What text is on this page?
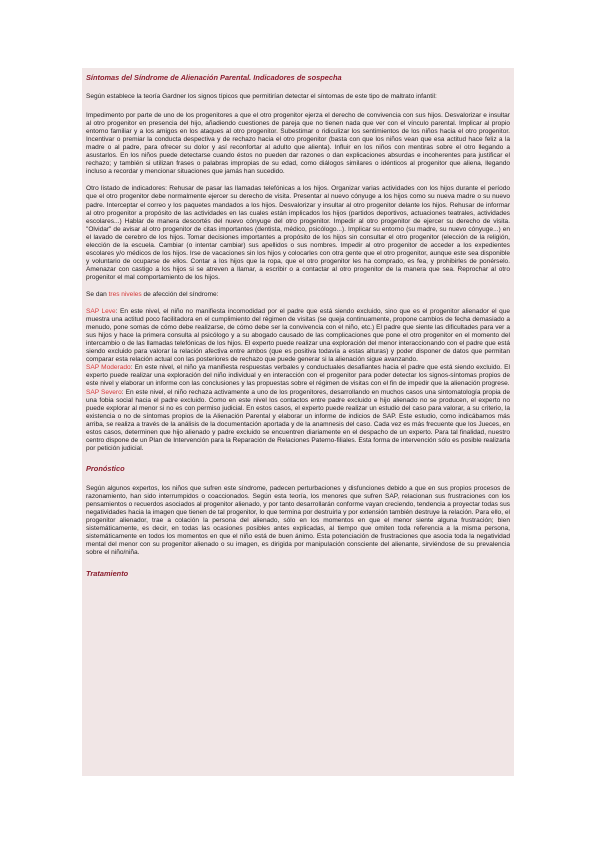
Síntomas del Síndrome de Alienación Parental. Indicadores de sospecha

Según establece la teoría Gardner los signos típicos que permitirían detectar el síntomas de este tipo de maltrato infantil:

Impedimento por parte de uno de los progenitores a que el otro progenitor ejerza el derecho de convivencia con sus hijos. Desvalorizar e insultar al otro progenitor en presencia del hijo, añadiendo cuestiones de pareja que no tienen nada que ver con el vínculo parental. Implicar al propio entorno familiar y a los amigos en los ataques al otro progenitor. Subestimar o ridiculizar los sentimientos de los niños hacia el otro progenitor. Incentivar o premiar la conducta despectiva y de rechazo hacia el otro progenitor (basta con que los niños vean que esa actitud hace feliz a la madre o al padre, para ofrecer su dolor y así reconfortar al adulto que alienta). Influir en los niños con mentiras sobre el otro llegando a asustarlos. En los niños puede detectarse cuando éstos no pueden dar razones o dan explicaciones absurdas e incoherentes para justificar el rechazo; y también si utilizan frases o palabras impropias de su edad, como diálogos similares o idénticos al progenitor que aliena, llegando incluso a recordar y mencionar situaciones que jamás han sucedido.

Otro listado de indicadores: Rehusar de pasar las llamadas telefónicas a los hijos. Organizar varias actividades con los hijos durante el período que el otro progenitor debe normalmente ejercer su derecho de visita. Presentar al nuevo cónyuge a los hijos como su nueva madre o su nuevo padre. Interceptar el correo y los paquetes mandados a los hijos. Desvalorizar y insultar al otro progenitor delante los hijos. Rehusar de informar al otro progenitor a propósito de las actividades en las cuales están implicados los hijos (partidos deportivos, actuaciones teatrales, actividades escolares...) Hablar de manera descortés del nuevo cónyuge del otro progenitor. Impedir al otro progenitor de ejercer su derecho de visita. "Olvidar" de avisar al otro progenitor de citas importantes (dentista, médico, psicólogo...). Implicar su entorno (su madre, su nuevo cónyuge...) en el lavado de cerebro de los hijos. Tomar decisiones importantes a propósito de los hijos sin consultar el otro progenitor (elección de la religión, elección de la escuela. Cambiar (o intentar cambiar) sus apellidos o sus nombres. Impedir al otro progenitor de acceder a los expedientes escolares y/o médicos de los hijos. Irse de vacaciones sin los hijos y colocarles con otra gente que el otro progenitor, aunque este sea disponible y voluntario de ocuparse de ellos. Contar a los hijos que la ropa, que el otro progenitor les ha comprado, es fea, y prohibirles de ponérselo. Amenazar con castigo a los hijos si se atreven a llamar, a escribir o a contactar al otro progenitor de la manera que sea. Reprochar al otro progenitor el mal comportamiento de los hijos.

Se dan tres niveles de afección del síndrome:

SAP Leve: En este nivel, el niño no manifiesta incomodidad por el padre que está siendo excluido, sino que es el progenitor alienador el que muestra una actitud poco facilitadora en el cumplimiento del régimen de visitas (se queja continuamente, propone cambios de fecha demasiado a menudo, pone somas de cómo debe realizarse, de cómo debe ser la convivencia con el niño, etc.) El padre que siente las dificultades para ver a sus hijos y hace la primera consulta al psicólogo y a su abogado causado de las complicaciones que pone el otro progenitor en el momento del intercambio o de las llamadas telefónicas de los hijos. El experto puede realizar una exploración del menor interaccionando con el padre que está siendo excluido para valorar la relación afectiva entre ambos (que es positiva todavía a estas alturas) y poder disponer de datos que permitan comparar esta relación actual con las posteriores de rechazo que puede generar si la alienación sigue avanzando.

SAP Moderado: En este nivel, el niño ya manifiesta respuestas verbales y conductuales desafiantes hacia el padre que está siendo excluido. El experto puede realizar una exploración del niño individual y en interacción con el progenitor para poder detectar los signos-síntomas propios de este nivel y elaborar un informe con las conclusiones y las propuestas sobre el régimen de visitas con el fin de impedir que la alienación progrese.

SAP Severo: En este nivel, el niño rechaza activamente a uno de los progenitores, desarrollando en muchos casos una sintomatología propia de una fobia social hacia el padre excluido. Como en este nivel los contactos entre padre excluido e hijo alienado no se producen, el experto no puede explorar al menor si no es con permiso judicial. En estos casos, el experto puede realizar un estudio del caso para valorar, a su criterio, la existencia o no de síntomas propios de la Alienación Parental y elaborar un informe de indicios de SAP. Este estudio, como indicábamos más arriba, se realiza a través de la análisis de la documentación aportada y de la anamnesis del caso. Cada vez es más frecuente que los Jueces, en estos casos, determinen que hijo alienado y padre excluido se encuentren diariamente en el despacho de un experto. Para tal finalidad, nuestro centro dispone de un Plan de Intervención para la Reparación de Relaciones Paterno-filiales. Esta forma de intervención sólo es posible realizarla por petición judicial.

Pronóstico

Según algunos expertos, los niños que sufren este síndrome, padecen perturbaciones y disfunciones debido a que en sus propios procesos de razonamiento, han sido interrumpidos o coaccionados. Según esta teoría, los menores que sufren SAP, relacionan sus frustraciones con los pensamientos o recuerdos asociados al progenitor alienado, y por tanto desarrollarán conforme vayan creciendo, tendencia a proyectar todas sus negatividades hacia la imagen que tienen de tal progenitor, lo que termina por destruirla y por extensión también destruye la relación. Para ello, el progenitor alienador, trae a colación la persona del alienado, sólo en los momentos en que el menor siente alguna frustración; bien sistemáticamente, es decir, en todas las ocasiones posibles antes explicadas, al tiempo que omiten toda referencia a la misma persona, sistemáticamente en todos los momentos en que el niño está de buen ánimo. Esta potenciación de frustraciones que asocia toda la negatividad mental del menor con su progenitor alienado o su imagen, es dirigida por manipulación consciente del alienante, sirviéndose de su prevalencia sobre el niño/niña.

Tratamiento
